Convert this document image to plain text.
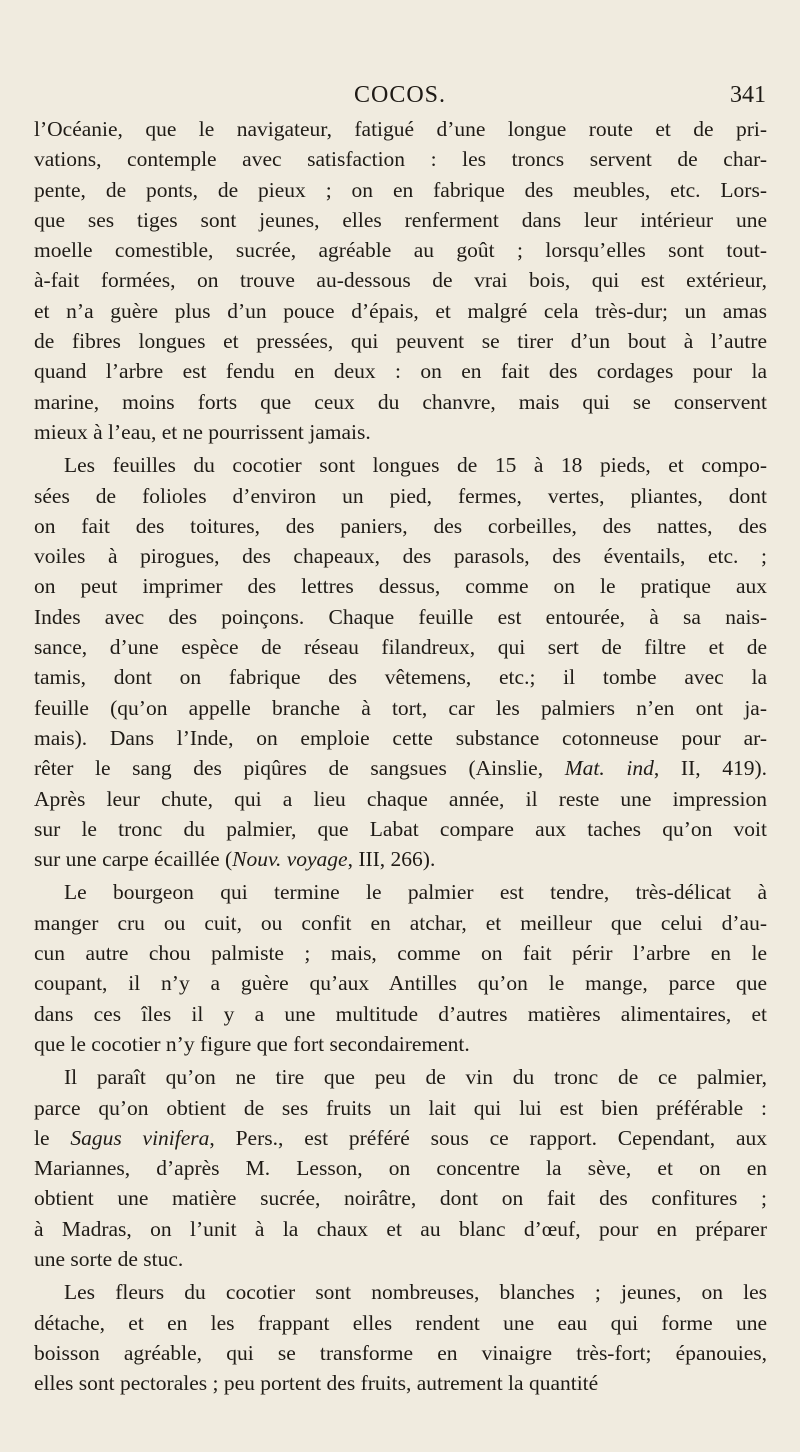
COCOS.	341
l’Océanie, que le navigateur, fatigué d’une longue route et de pri-
vations, contemple avec satisfaction : les troncs servent de char-
pente, de ponts, de pieux ; on en fabrique des meubles, etc. Lors-
que ses tiges sont jeunes, elles renferment dans leur intérieur une
moelle comestible, sucrée, agréable au goût ; lorsqu’elles sont tout-
à-fait formées, on trouve au-dessous de vrai bois, qui est extérieur,
et n’a guère plus d’un pouce d’épais, et malgré cela très-dur; un amas
de fibres longues et pressées, qui peuvent se tirer d’un bout à l’autre
quand l’arbre est fendu en deux : on en fait des cordages pour la
marine, moins forts que ceux du chanvre, mais qui se conservent
mieux à l’eau, et ne pourrissent jamais.
Les feuilles du cocotier sont longues de 15 à 18 pieds, et compo-
sées de folioles d’environ un pied, fermes, vertes, pliantes, dont
on fait des toitures, des paniers, des corbeilles, des nattes, des
voiles à pirogues, des chapeaux, des parasols, des éventails, etc. ;
on peut imprimer des lettres dessus, comme on le pratique aux
Indes avec des poinçons. Chaque feuille est entourée, à sa nais-
sance, d’une espèce de réseau filandreux, qui sert de filtre et de
tamis, dont on fabrique des vêtemens, etc.; il tombe avec la
feuille (qu’on appelle branche à tort, car les palmiers n’en ont ja-
mais). Dans l’Inde, on emploie cette substance cotonneuse pour ar-
rêter le sang des piqûres de sangsues (Ainslie, Mat. ind, II, 419).
Après leur chute, qui a lieu chaque année, il reste une impression
sur le tronc du palmier, que Labat compare aux taches qu’on voit
sur une carpe écaillée (Nouv. voyage, III, 266).
Le bourgeon qui termine le palmier est tendre, très-délicat à
manger cru ou cuit, ou confit en atchar, et meilleur que celui d’au-
cun autre chou palmiste ; mais, comme on fait périr l’arbre en le
coupant, il n’y a guère qu’aux Antilles qu’on le mange, parce que
dans ces îles il y a une multitude d’autres matières alimentaires, et
que le cocotier n’y figure que fort secondairement.
Il paraît qu’on ne tire que peu de vin du tronc de ce palmier,
parce qu’on obtient de ses fruits un lait qui lui est bien préférable :
le Sagus vinifera, Pers., est préféré sous ce rapport. Cependant, aux
Mariannes, d’après M. Lesson, on concentre la sève, et on en
obtient une matière sucrée, noirâtre, dont on fait des confitures ;
à Madras, on l’unit à la chaux et au blanc d’œuf, pour en préparer
une sorte de stuc.
Les fleurs du cocotier sont nombreuses, blanches ; jeunes, on les
détache, et en les frappant elles rendent une eau qui forme une
boisson agréable, qui se transforme en vinaigre très-fort; épanouies,
elles sont pectorales ; peu portent des fruits, autrement la quantité
